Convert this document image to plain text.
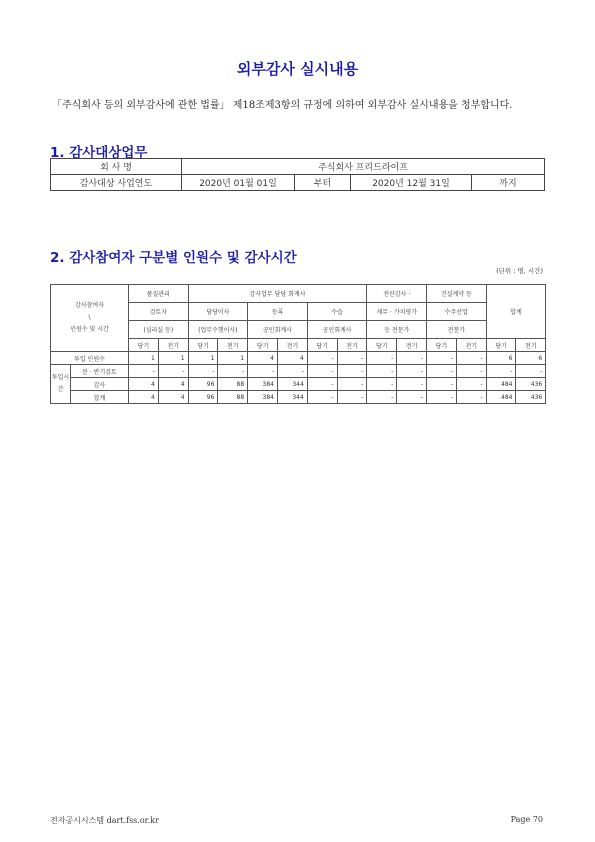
외부감사 실시내용
「주식회사 등의 외부감사에 관한 법률」 제18조제3항의 규정에 의하여 외부감사 실시내용을 청부합니다.
1. 감사대상업무
회 사 명	주식회사 프리드라이프			
감사대상 사업연도	2020년 01월 01일	부터	2020년 12월 31일	까지
2. 감사참여자 구분별 인원수 및 감사시간
(단위 : 명, 시간)
감사참여자
\
인원수 및 시간		품질관리		감사업무 담당 회계사						전산감사 ·		건설계약 등		합계	
		검토자		담당이사		등록		수습		세무 · 가치평가		수주산업			
		(심리실 등)		(업무수행이사)		공인회계사		공인회계사		등 전문가		전문가			
		당기	전기	당기	전기	당기	전기	당기	전기	당기	전기	당기	전기	당기	전기
투입 인원수		1	1	1	1	4	4	-	-	-	-	-	-	6	6
투입시간	분 · 반기검토	-	-	-	-	-	-	-	-	-	-	-	-	-	-
	감사	4	4	96	88	384	344	-	-	-	-	-	-	484	436
	합계	4	4	96	88	384	344	-	-	-	-	-	-	484	436
전자공시시스템 dart.fss.or.kr	Page 70
